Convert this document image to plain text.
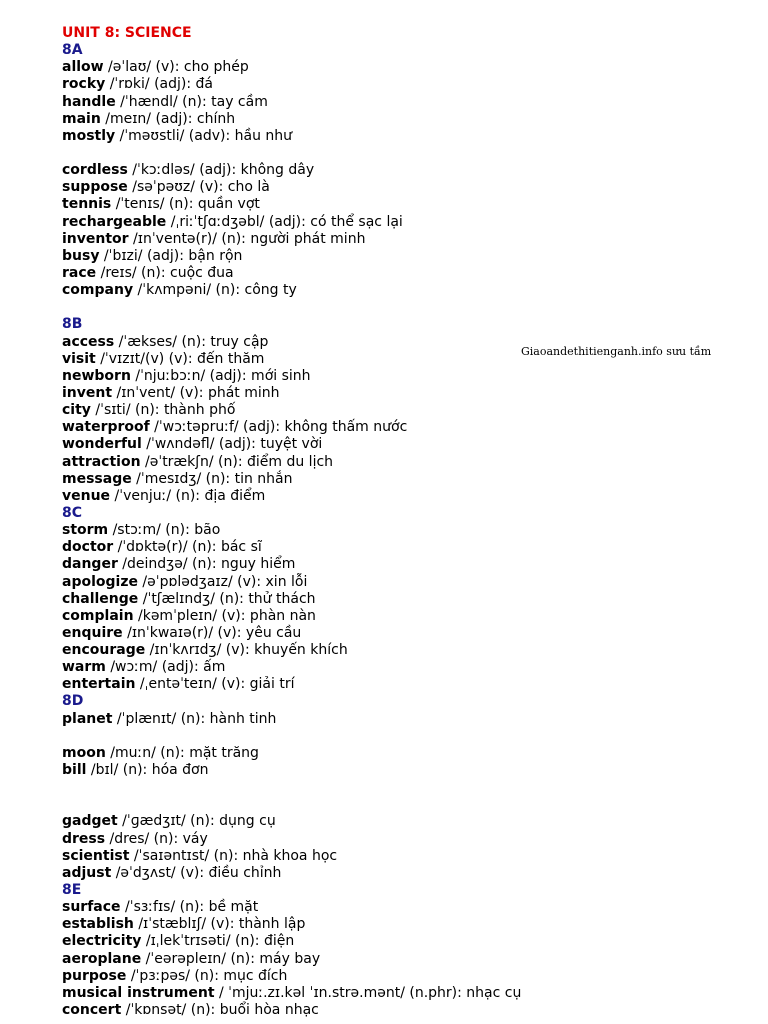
UNIT 8: SCIENCE
8A
allow /əˈlaʊ/ (v): cho phép
rocky /ˈrɒki/ (adj): đá
handle /ˈhændl/ (n): tay cầm
main /meɪn/ (adj): chính
mostly /ˈməʊstli/ (adv): hầu như
cordless /ˈkɔːdləs/ (adj): không dây
suppose /səˈpəʊz/ (v): cho là
tennis /ˈtenɪs/ (n): quần vợt
rechargeable /ˌriːˈtʃɑːdʒəbl/ (adj): có thể sạc lại
inventor /ɪnˈventə(r)/ (n): người phát minh
busy /ˈbɪzi/ (adj): bận rộn
race /reɪs/ (n): cuộc đua
company /ˈkʌmpəni/ (n): công ty
8B
access /ˈækses/ (n): truy cập
visit /ˈvɪzɪt/(v) (v): đến thăm
newborn /ˈnjuːbɔːn/ (adj): mới sinh
invent /ɪnˈvent/ (v): phát minh
city /ˈsɪti/ (n): thành phố
waterproof /ˈwɔːtəpruːf/ (adj): không thấm nước
wonderful /ˈwʌndəfl/ (adj): tuyệt vời
attraction /əˈtrækʃn/ (n): điểm du lịch
message /ˈmesɪdʒ/ (n): tin nhắn
venue /ˈvenjuː/ (n): địa điểm
8C
storm /stɔːm/ (n): bão
doctor /ˈdɒktə(r)/ (n): bác sĩ
danger /deindʒə/ (n): nguy hiểm
apologize /əˈpɒlədʒaɪz/ (v): xin lỗi
challenge /ˈtʃælɪndʒ/ (n): thử thách
complain /kəmˈpleɪn/ (v): phàn nàn
enquire /ɪnˈkwaɪə(r)/ (v): yêu cầu
encourage /ɪnˈkʌrɪdʒ/ (v): khuyến khích
warm /wɔːm/ (adj): ấm
entertain /ˌentəˈteɪn/ (v): giải trí
8D
planet /ˈplænɪt/ (n): hành tinh
moon /muːn/ (n): mặt trăng
bill /bɪl/ (n): hóa đơn
gadget /ˈɡædʒɪt/ (n): dụng cụ
dress /dres/ (n): váy
scientist /ˈsaɪəntɪst/ (n): nhà khoa học
adjust /əˈdʒʌst/ (v): điều chỉnh
8E
surface /ˈsɜːfɪs/ (n): bề mặt
establish /ɪˈstæblɪʃ/ (v): thành lập
electricity /ɪˌlekˈtrɪsəti/ (n): điện
aeroplane /ˈeərəpleɪn/ (n): máy bay
purpose /ˈpɜːpəs/ (n): mục đích
musical instrument / ˈmjuː.zɪ.kəl ˈɪn.strə.mənt/ (n.phr): nhạc cụ
concert /ˈkɒnsət/ (n): buổi hòa nhạc
Giaoandethitienganh.info sưu tầm
